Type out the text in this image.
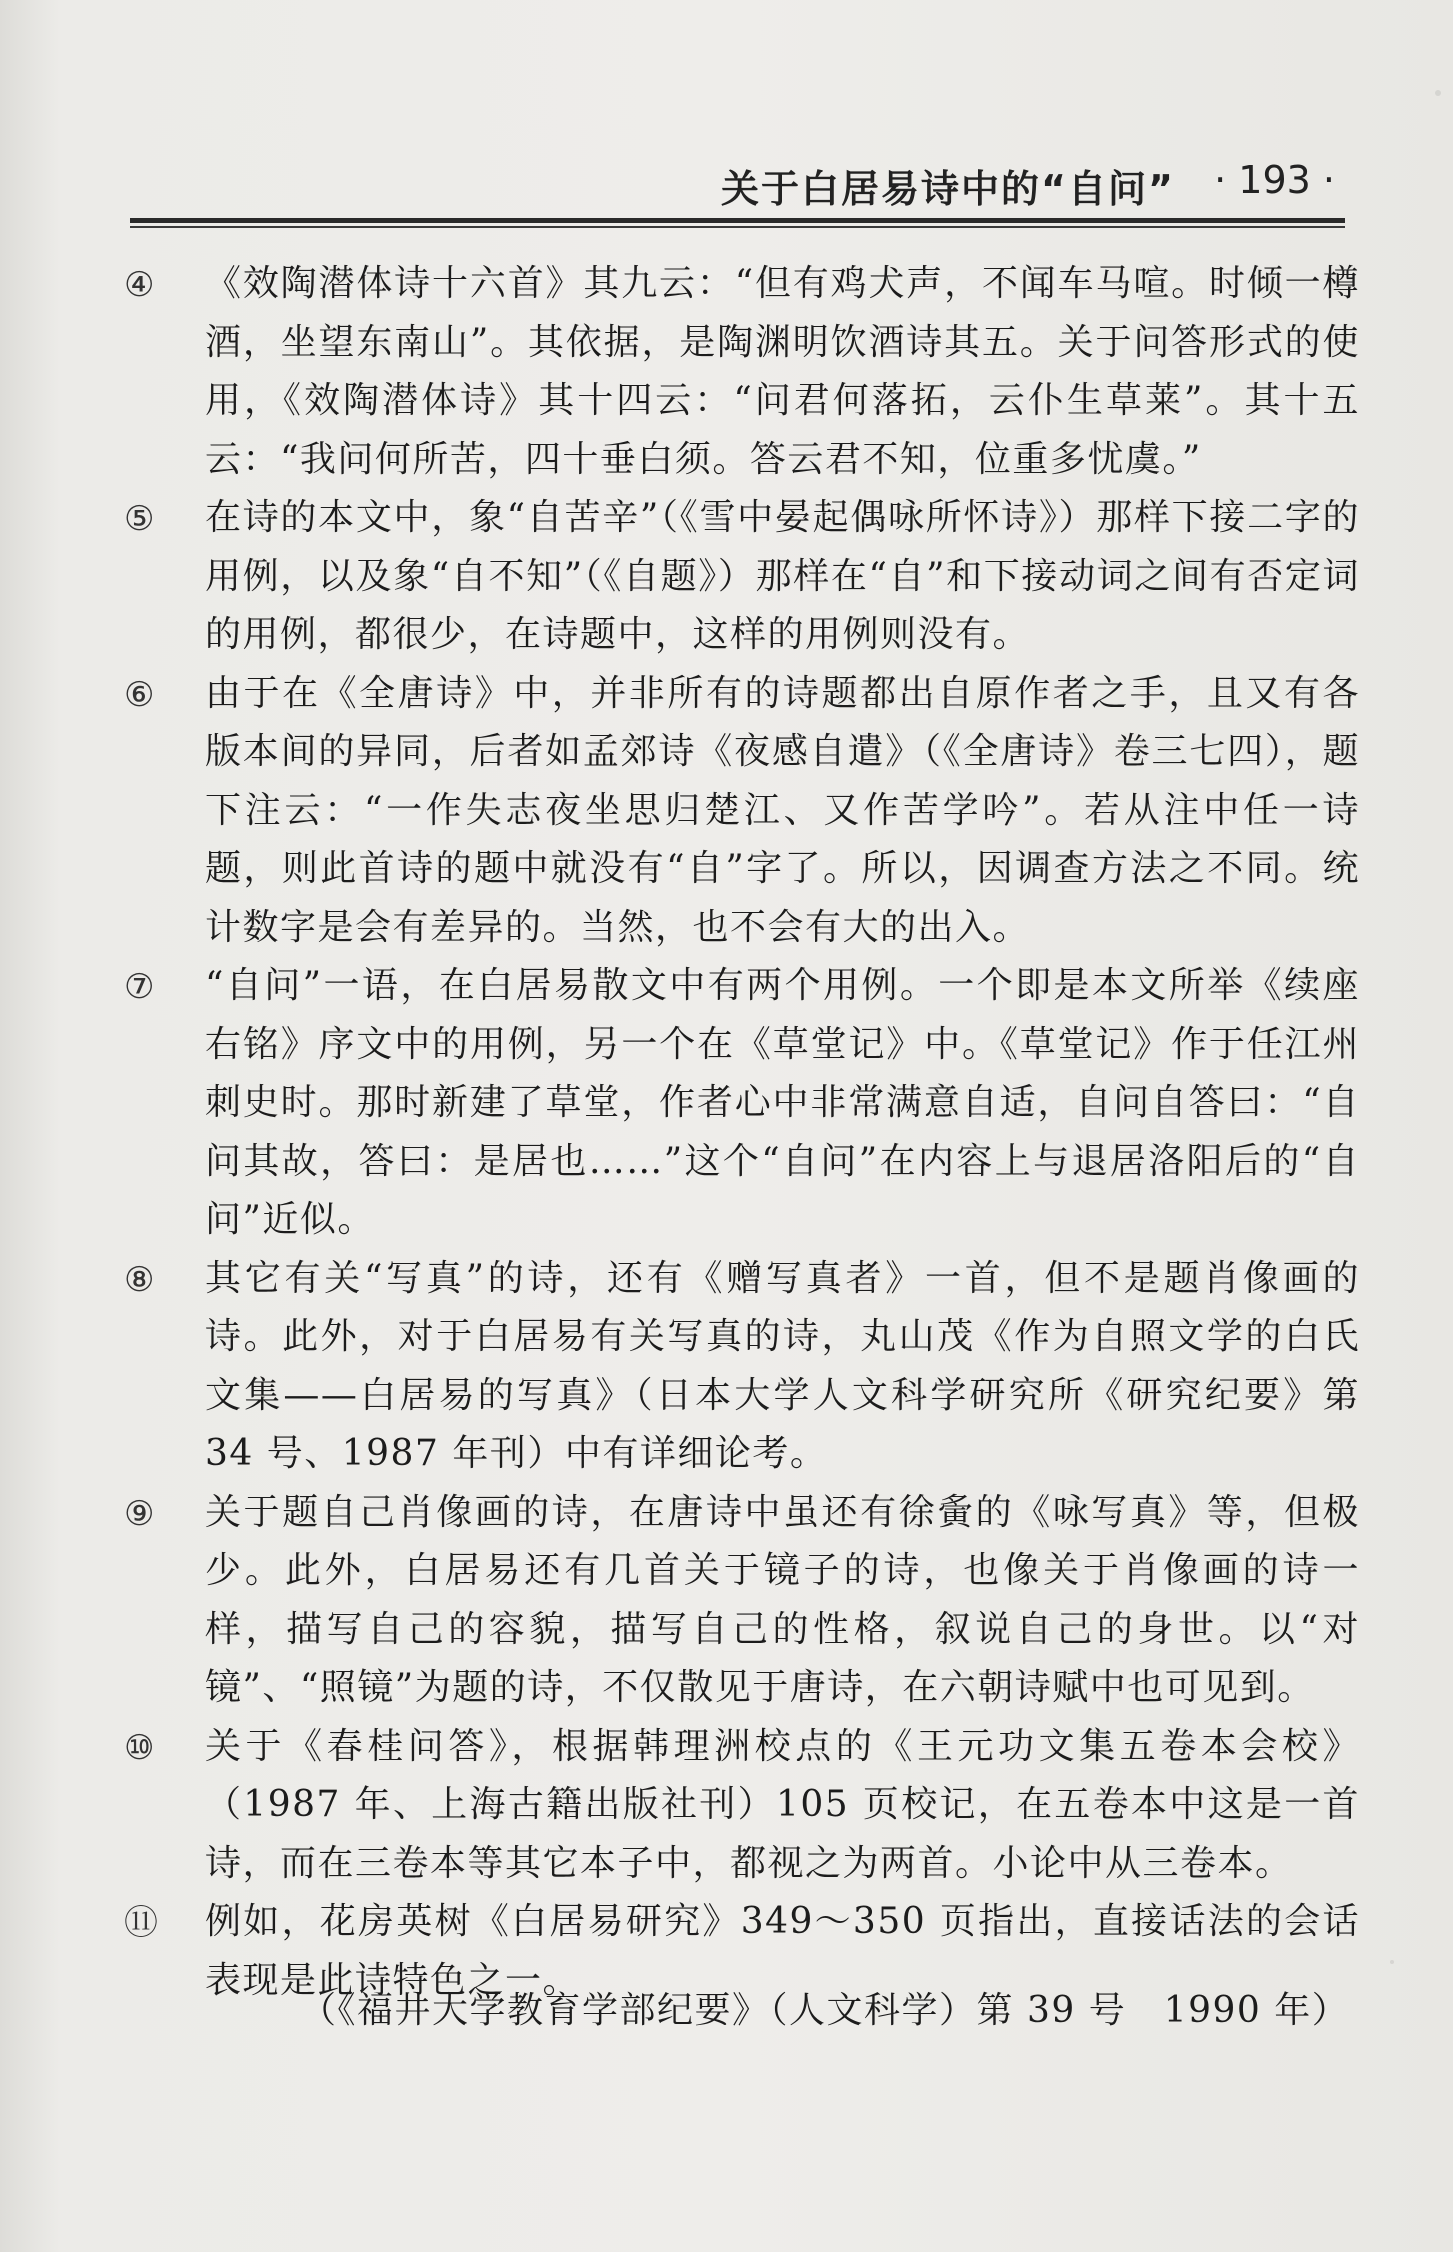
关于白居易诗中的“自问” · 193 ·
④ 《效陶潜体诗十六首》其九云：“但有鸡犬声，不闻车马喧。时倾一樽酒，坐望东南山”。其依据，是陶渊明饮酒诗其五。关于问答形式的使用，《效陶潜体诗》其十四云：“问君何落拓，云仆生草莱”。其十五云：“我问何所苦，四十垂白须。答云君不知，位重多忧虞。”
⑤ 在诗的本文中，象“自苦辛”（《雪中晏起偶咏所怀诗》）那样下接二字的用例，以及象“自不知”（《自题》）那样在“自”和下接动词之间有否定词的用例，都很少，在诗题中，这样的用例则没有。
⑥ 由于在《全唐诗》中，并非所有的诗题都出自原作者之手，且又有各版本间的异同，后者如孟郊诗《夜感自遣》（《全唐诗》卷三七四），题下注云：“一作失志夜坐思归楚江、又作苦学吟”。若从注中任一诗题，则此首诗的题中就没有“自”字了。所以，因调查方法之不同。统计数字是会有差异的。当然，也不会有大的出入。
⑦ “自问”一语，在白居易散文中有两个用例。一个即是本文所举《续座右铭》序文中的用例，另一个在《草堂记》中。《草堂记》作于任江州刺史时。那时新建了草堂，作者心中非常满意自适，自问自答曰：“自问其故，答曰：是居也……”这个“自问”在内容上与退居洛阳后的“自问”近似。
⑧ 其它有关“写真”的诗，还有《赠写真者》一首，但不是题肖像画的诗。此外，对于白居易有关写真的诗，丸山茂《作为自照文学的白氏文集——白居易的写真》（日本大学人文科学研究所《研究纪要》第 34 号、1987 年刊）中有详细论考。
⑨ 关于题自己肖像画的诗，在唐诗中虽还有徐夤的《咏写真》等，但极少。此外，白居易还有几首关于镜子的诗，也像关于肖像画的诗一样，描写自己的容貌，描写自己的性格，叙说自己的身世。以“对镜”、“照镜”为题的诗，不仅散见于唐诗，在六朝诗赋中也可见到。
⑩ 关于《春桂问答》，根据韩理洲校点的《王元功文集五卷本会校》（1987 年、上海古籍出版社刊）105 页校记，在五卷本中这是一首诗，而在三卷本等其它本子中，都视之为两首。小论中从三卷本。
⑪ 例如，花房英树《白居易研究》349～350 页指出，直接话法的会话表现是此诗特色之一。
（《福井大学教育学部纪要》（人文科学）第 39 号　1990 年）
